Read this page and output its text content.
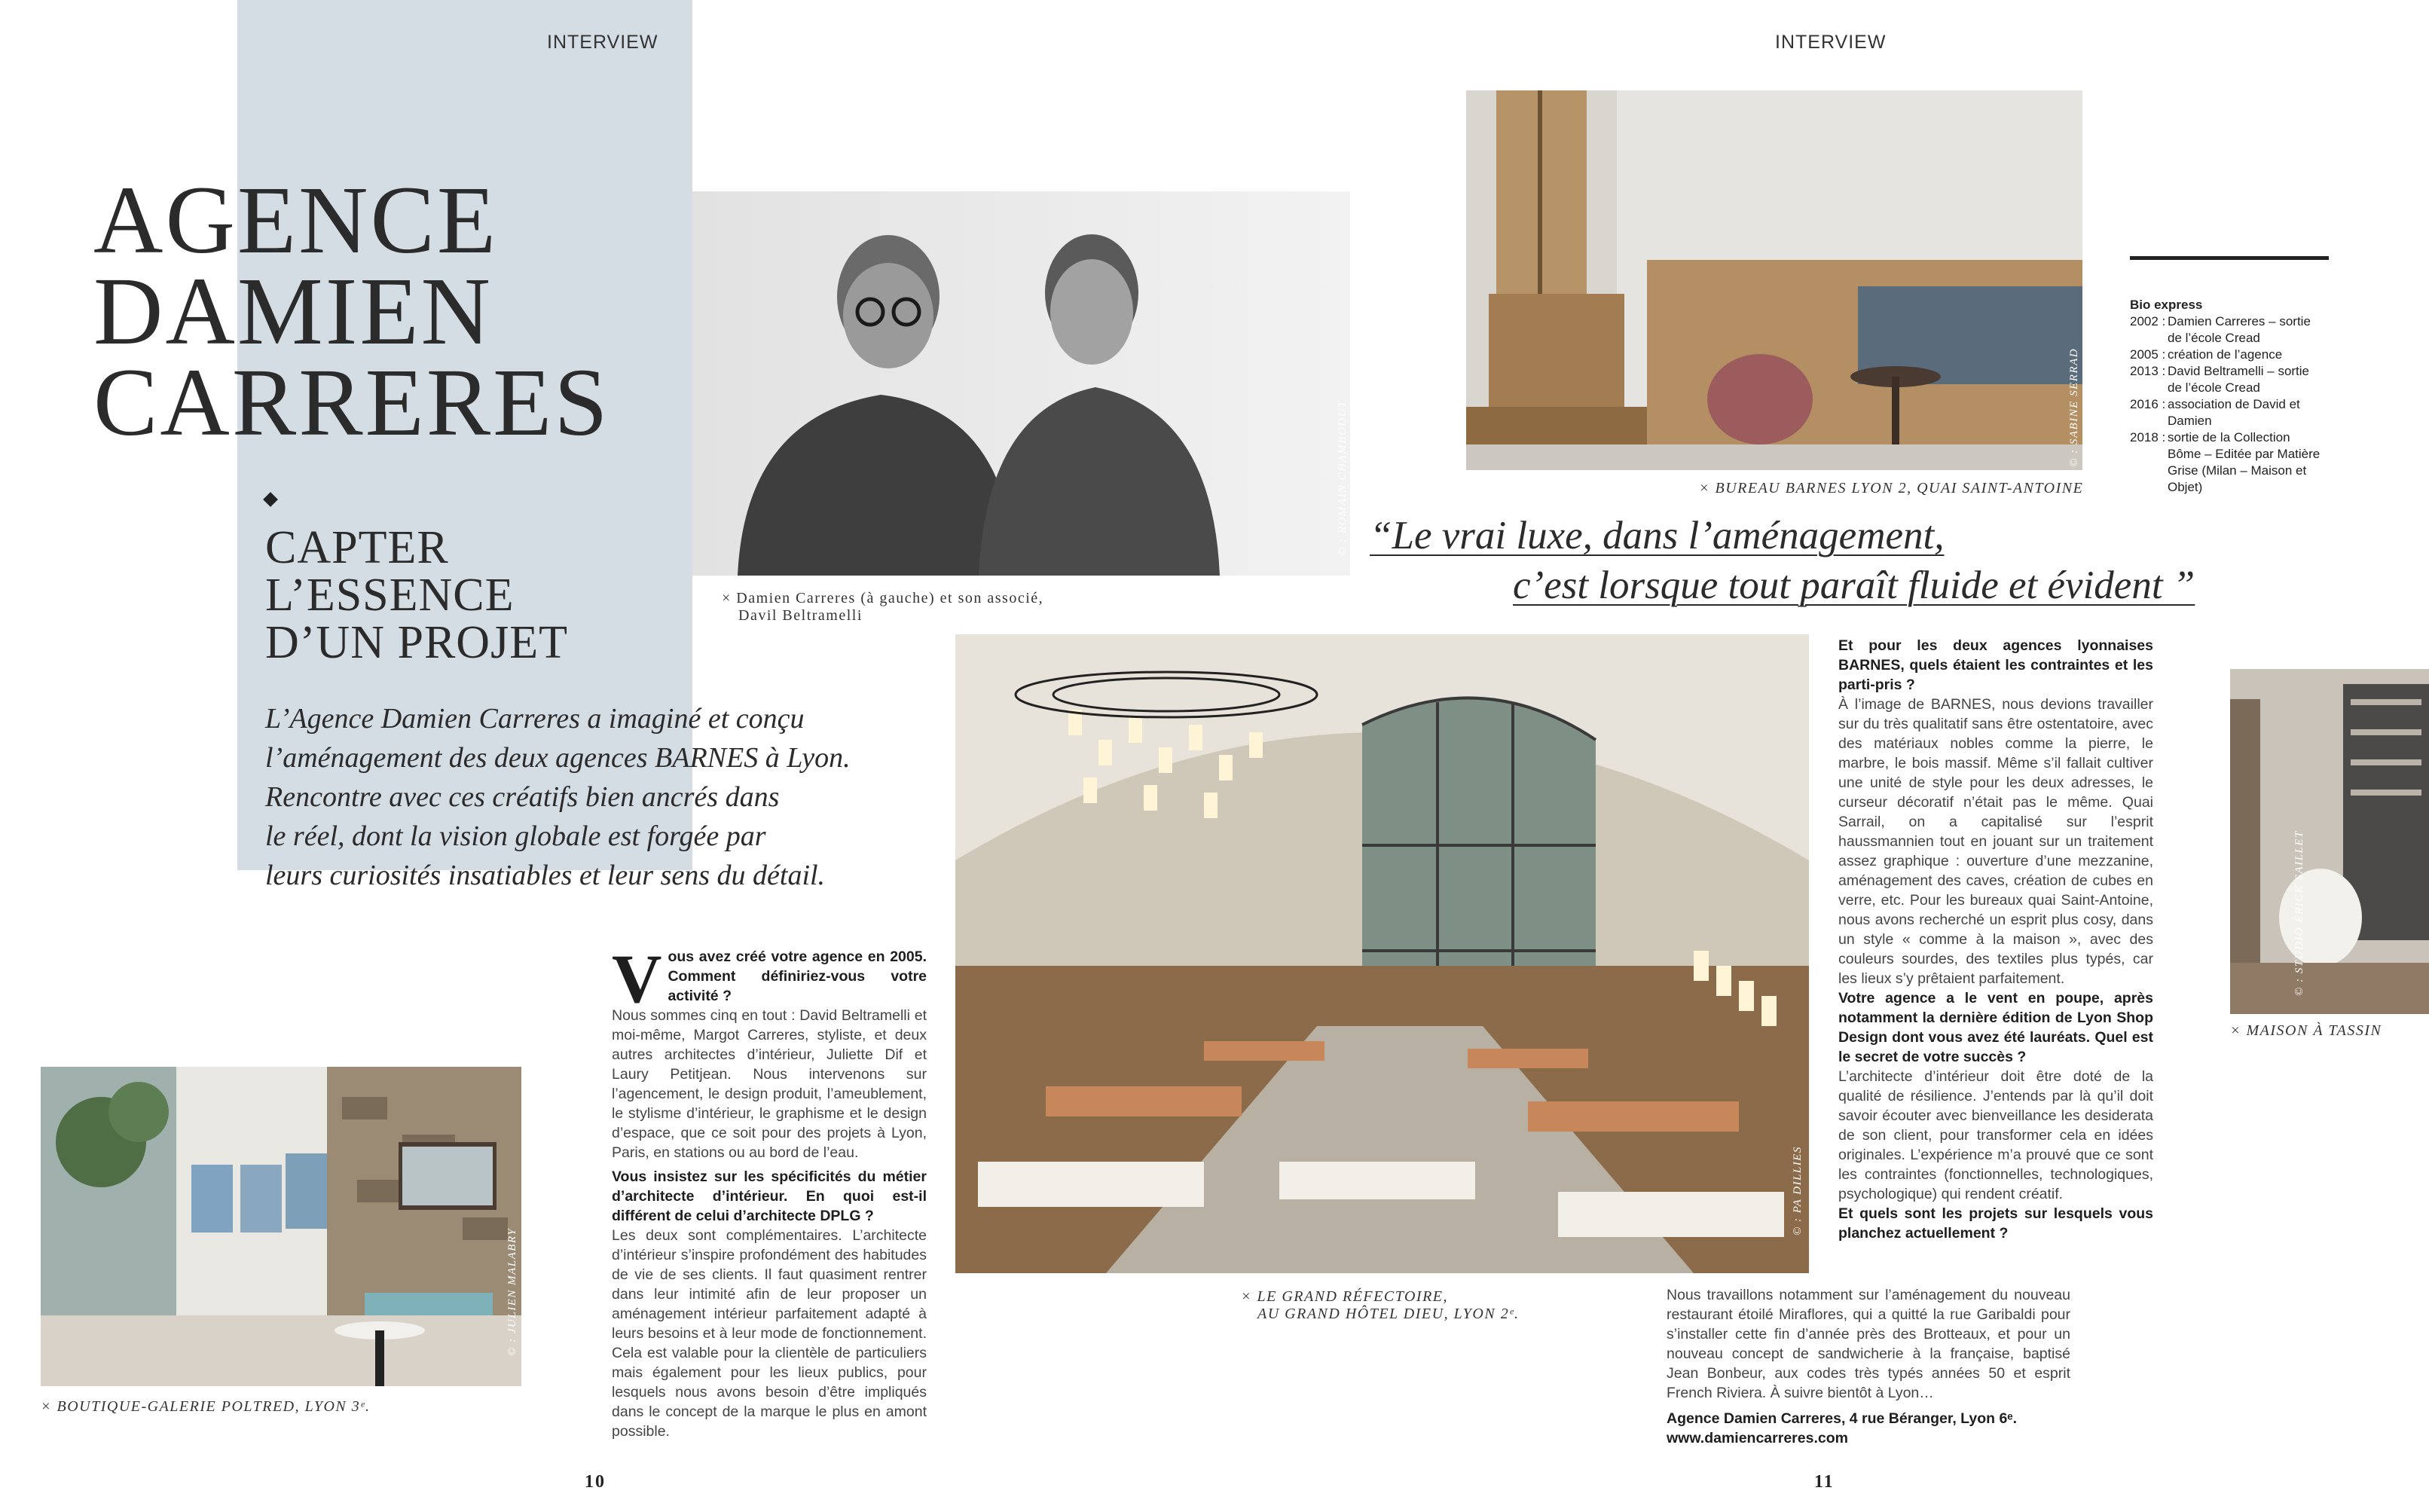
INTERVIEW	INTERVIEW
AGENCE
DAMIEN
CARRERES
CAPTER
L’ESSENCE
D’UN PROJET
L’Agence Damien Carreres a imaginé et conçu
l’aménagement des deux agences BARNES à Lyon.
Rencontre avec ces créatifs bien ancrés dans
le réel, dont la vision globale est forgée par
leurs curiosités insatiables et leur sens du détail.
© : ROMAIN CHAMBODUT
× Damien Carreres (à gauche) et son associé,
Davil Beltramelli
© : SABINE SERRAD
× BUREAU BARNES LYON 2, QUAI SAINT-ANTOINE
Bio express
2002 :	Damien Carreres – sortie de l’école Cread
2005 :	création de l’agence
2013 :	David Beltramelli – sortie de l’école Cread
2016 :	association de David et Damien
2018 :	sortie de la Collection Bôme – Editée par Matière Grise (Milan – Maison et Objet)
“Le vrai luxe, dans l’aménagement,
c’est lorsque tout paraît fluide et évident ”
© : PA DILLIES
× LE GRAND RÉFECTOIRE,
AU GRAND HÔTEL DIEU, LYON 2ᵉ.
© : JULIEN MALABRY
× BOUTIQUE-GALERIE POLTRED, LYON 3ᵉ.
© : STUDIO ERICK SAILLET
× MAISON À TASSIN
V ous avez créé votre agence en 2005. Comment définiriez-vous votre activité ?

Nous sommes cinq en tout : David Beltramelli et moi-même, Margot Carreres, styliste, et deux autres architectes d’intérieur, Juliette Dif et Laury Petitjean. Nous intervenons sur l’agencement, le design produit, l’ameublement, le stylisme d’intérieur, le graphisme et le design d’espace, que ce soit pour des projets à Lyon, Paris, en stations ou au bord de l’eau.

Vous insistez sur les spécificités du métier d’architecte d’intérieur. En quoi est-il différent de celui d’architecte DPLG ?

Les deux sont complémentaires. L’architecte d’intérieur s’inspire profondément des habitudes de vie de ses clients. Il faut quasiment rentrer dans leur intimité afin de leur proposer un aménagement intérieur parfaitement adapté à leurs besoins et à leur mode de fonctionnement. Cela est valable pour la clientèle de particuliers mais également pour les lieux publics, pour lesquels nous avons besoin d’être impliqués dans le concept de la marque le plus en amont possible.

Et pour les deux agences lyonnaises BARNES, quels étaient les contraintes et les parti-pris ?

À l’image de BARNES, nous devions travailler sur du très qualitatif sans être ostentatoire, avec des matériaux nobles comme la pierre, le marbre, le bois massif. Même s’il fallait cultiver une unité de style pour les deux adresses, le curseur décoratif n’était pas le même. Quai Sarrail, on a capitalisé sur l’esprit haussmannien tout en jouant sur un traitement assez graphique : ouverture d’une mezzanine, aménagement des caves, création de cubes en verre, etc. Pour les bureaux quai Saint-Antoine, nous avons recherché un esprit plus cosy, dans un style « comme à la maison », avec des couleurs sourdes, des textiles plus typés, car les lieux s’y prêtaient parfaitement.

Votre agence a le vent en poupe, après notamment la dernière édition de Lyon Shop Design dont vous avez été lauréats. Quel est le secret de votre succès ?

L’architecte d’intérieur doit être doté de la qualité de résilience. J’entends par là qu’il doit savoir écouter avec bienveillance les desiderata de son client, pour transformer cela en idées originales. L’expérience m’a prouvé que ce sont les contraintes (fonctionnelles, technologiques, psychologique) qui rendent créatif.

Et quels sont les projets sur lesquels vous planchez actuellement ?

Nous travaillons notamment sur l’aménagement du nouveau restaurant étoilé Miraflores, qui a quitté la rue Garibaldi pour s’installer cette fin d’année près des Brotteaux, et pour un nouveau concept de sandwicherie à la française, baptisé Jean Bonbeur, aux codes très typés années 50 et esprit French Riviera. À suivre bientôt à Lyon…

Agence Damien Carreres, 4 rue Béranger, Lyon 6ᵉ.

www.damiencarreres.com

10	11
